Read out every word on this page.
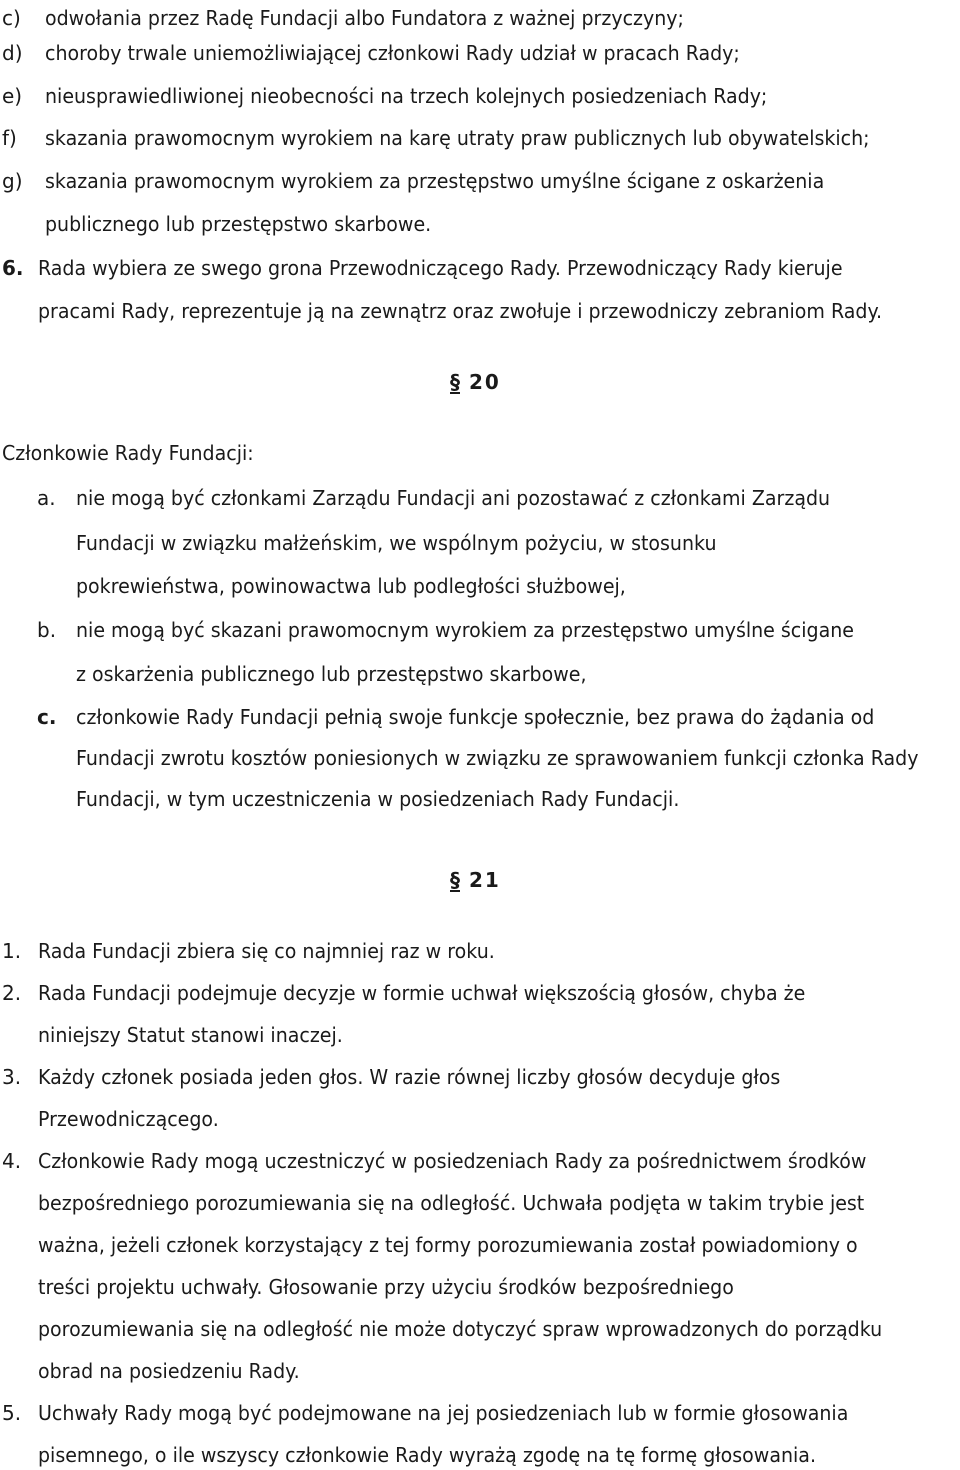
c) odwołania przez Radę Fundacji albo Fundatora z ważnej przyczyny;
d) choroby trwale uniemożliwiającej członkowi Rady udział w pracach Rady;
e) nieusprawiedliwionej nieobecności na trzech kolejnych posiedzeniach Rady;
f) skazania prawomocnym wyrokiem na karę utraty praw publicznych lub obywatelskich;
g) skazania prawomocnym wyrokiem za przestępstwo umyślne ścigane z oskarżenia
publicznego lub przestępstwo skarbowe.
6. Rada wybiera ze swego grona Przewodniczącego Rady. Przewodniczący Rady kieruje
pracami Rady, reprezentuje ją na zewnątrz oraz zwołuje i przewodniczy zebraniom Rady.
§ 20
Członkowie Rady Fundacji:
a. nie mogą być członkami Zarządu Fundacji ani pozostawać z członkami Zarządu
Fundacji w związku małżeńskim, we wspólnym pożyciu, w stosunku
pokrewieństwa, powinowactwa lub podległości służbowej,
b. nie mogą być skazani prawomocnym wyrokiem za przestępstwo umyślne ścigane
z oskarżenia publicznego lub przestępstwo skarbowe,
c. członkowie Rady Fundacji pełnią swoje funkcje społecznie, bez prawa do żądania od
Fundacji zwrotu kosztów poniesionych w związku ze sprawowaniem funkcji członka Rady
Fundacji, w tym uczestniczenia w posiedzeniach Rady Fundacji.
§ 21
1. Rada Fundacji zbiera się co najmniej raz w roku.
2. Rada Fundacji podejmuje decyzje w formie uchwał większością głosów, chyba że
niniejszy Statut stanowi inaczej.
3. Każdy członek posiada jeden głos. W razie równej liczby głosów decyduje głos
Przewodniczącego.
4. Członkowie Rady mogą uczestniczyć w posiedzeniach Rady za pośrednictwem środków
bezpośredniego porozumiewania się na odległość. Uchwała podjęta w takim trybie jest
ważna, jeżeli członek korzystający z tej formy porozumiewania został powiadomiony o
treści projektu uchwały. Głosowanie przy użyciu środków bezpośredniego
porozumiewania się na odległość nie może dotyczyć spraw wprowadzonych do porządku
obrad na posiedzeniu Rady.
5. Uchwały Rady mogą być podejmowane na jej posiedzeniach lub w formie głosowania
pisemnego, o ile wszyscy członkowie Rady wyrażą zgodę na tę formę głosowania.
